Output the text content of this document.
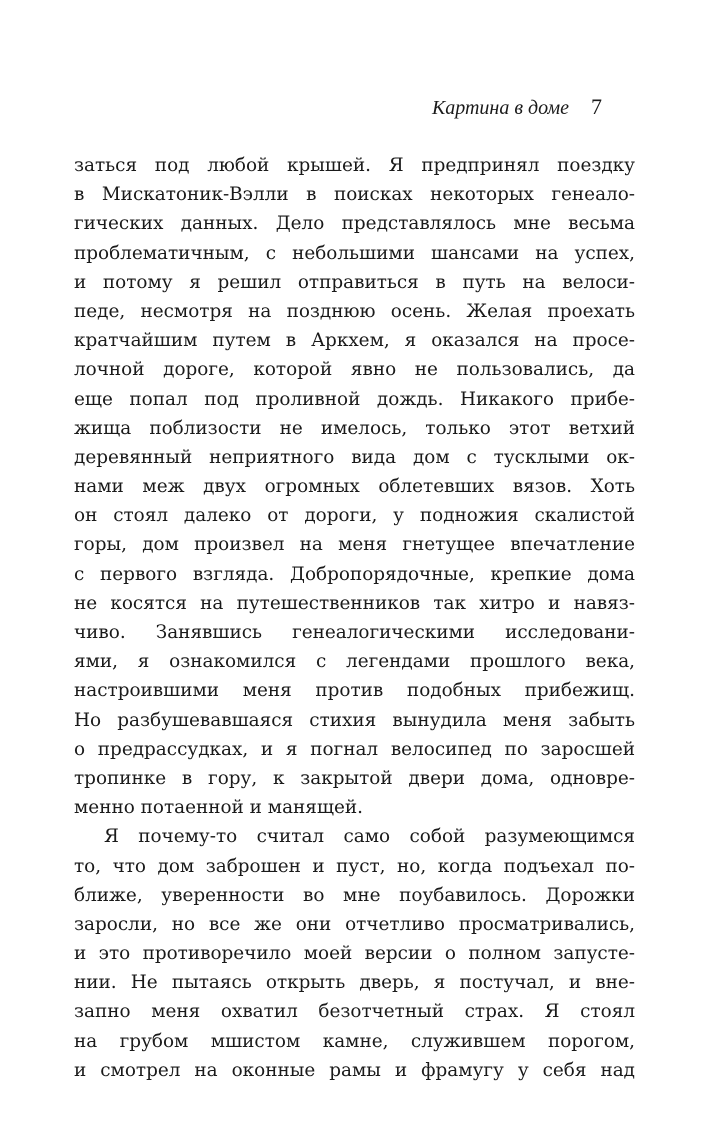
Картина в доме 7
заться под любой крышей. Я предпринял поездку
в Мискатоник-Вэлли в поисках некоторых генеало-
гических данных. Дело представлялось мне весьма
проблематичным, с небольшими шансами на успех,
и потому я решил отправиться в путь на велоси-
педе, несмотря на позднюю осень. Желая проехать
кратчайшим путем в Аркхем, я оказался на просе-
лочной дороге, которой явно не пользовались, да
еще попал под проливной дождь. Никакого прибе-
жища поблизости не имелось, только этот ветхий
деревянный неприятного вида дом с тусклыми ок-
нами меж двух огромных облетевших вязов. Хоть
он стоял далеко от дороги, у подножия скалистой
горы, дом произвел на меня гнетущее впечатление
с первого взгляда. Добропорядочные, крепкие дома
не косятся на путешественников так хитро и навяз-
чиво. Занявшись генеалогическими исследовани-
ями, я ознакомился с легендами прошлого века,
настроившими меня против подобных прибежищ.
Но разбушевавшаяся стихия вынудила меня забыть
о предрассудках, и я погнал велосипед по заросшей
тропинке в гору, к закрытой двери дома, одновре-
менно потаенной и манящей.
Я почему-то считал само собой разумеющимся
то, что дом заброшен и пуст, но, когда подъехал по-
ближе, уверенности во мне поубавилось. Дорожки
заросли, но все же они отчетливо просматривались,
и это противоречило моей версии о полном запусте-
нии. Не пытаясь открыть дверь, я постучал, и вне-
запно меня охватил безотчетный страх. Я стоял
на грубом мшистом камне, служившем порогом,
и смотрел на оконные рамы и фрамугу у себя над
